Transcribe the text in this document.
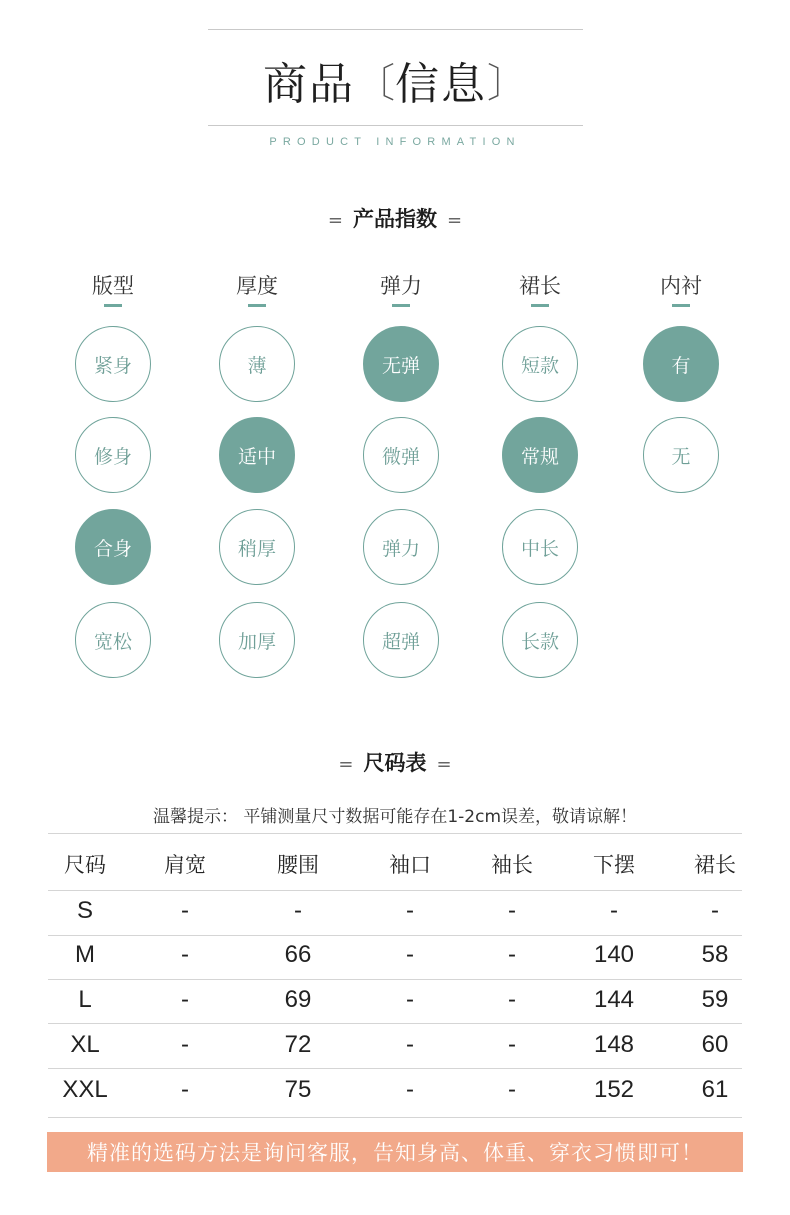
商品〔信息〕
PRODUCT INFORMATION
= 产品指数 =
版型
紧身
修身
合身
宽松
厚度
薄
适中
稍厚
加厚
弹力
无弹
微弹
弹力
超弹
裙长
短款
常规
中长
长款
内衬
有
无
= 尺码表 =
温馨提示： 平铺测量尺寸数据可能存在1-2cm误差，敬请谅解！
尺码	肩宽	腰围	袖口	袖长	下摆	裙长
S	-	-	-	-	-	-
M	-	66	-	-	140	58
L	-	69	-	-	144	59
XL	-	72	-	-	148	60
XXL	-	75	-	-	152	61
精准的选码方法是询问客服，告知身高、体重、穿衣习惯即可！
